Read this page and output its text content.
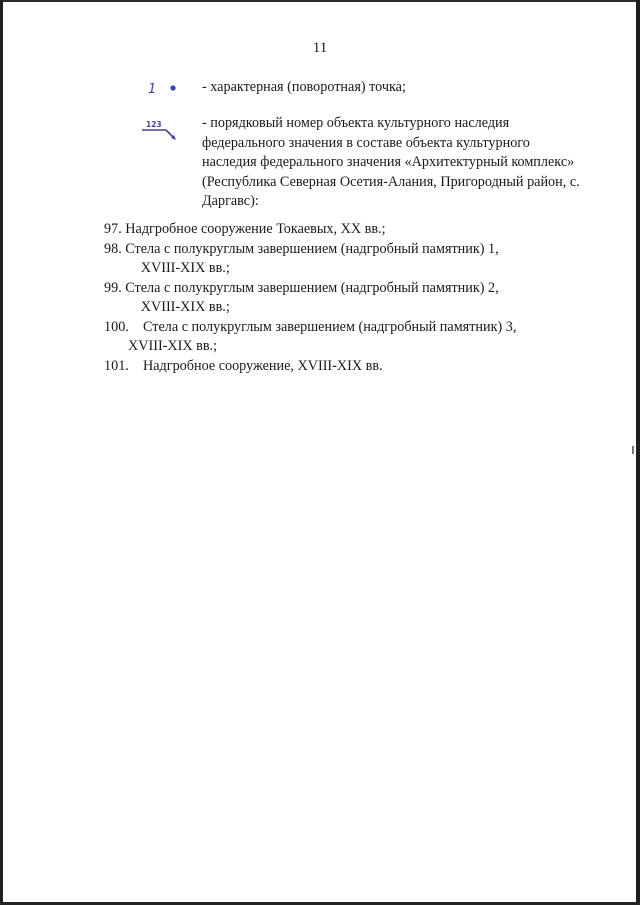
11
1	- характерная (поворотная) точка;
123	- порядковый номер объекта культурного наследия федерального значения в составе объекта культурного наследия федерального значения «Архитектурный комплекс» (Республика Северная Осетия-Алания, Пригородный район, с. Даргавс):
97. Надгробное сооружение Токаевых, XX вв.;
98. Стела с полукруглым завершением (надгробный памятник) 1,
XVIII-XIX вв.;
99. Стела с полукруглым завершением (надгробный памятник) 2,
XVIII-XIX вв.;
100. Стела с полукруглым завершением (надгробный памятник) 3,
XVIII-XIX вв.;
101. Надгробное сооружение, XVIII-XIX вв.
